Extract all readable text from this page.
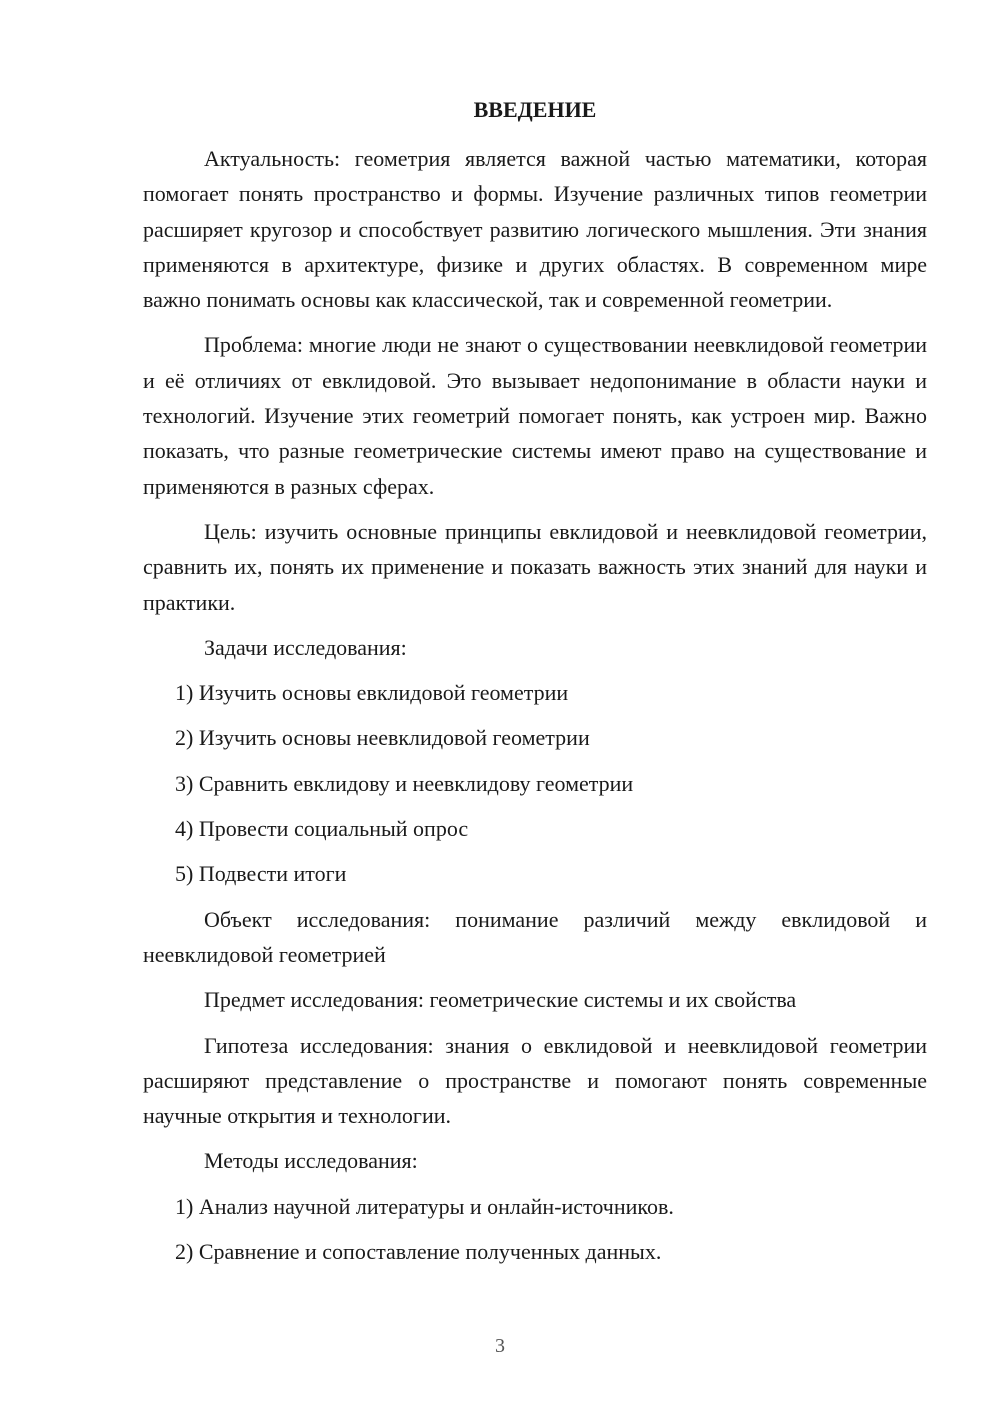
ВВЕДЕНИЕ

Актуальность: геометрия является важной частью математики, которая помогает понять пространство и формы. Изучение различных типов геометрии расширяет кругозор и способствует развитию логического мышления. Эти знания применяются в архитектуре, физике и других областях. В современном мире важно понимать основы как классической, так и современной геометрии.

Проблема: многие люди не знают о существовании неевклидовой геометрии и её отличиях от евклидовой. Это вызывает недопонимание в области науки и технологий. Изучение этих геометрий помогает понять, как устроен мир. Важно показать, что разные геометрические системы имеют право на существование и применяются в разных сферах.

Цель: изучить основные принципы евклидовой и неевклидовой геометрии, сравнить их, понять их применение и показать важность этих знаний для науки и практики.

Задачи исследования:

1) Изучить основы евклидовой геометрии
2) Изучить основы неевклидовой геометрии
3) Сравнить евклидову и неевклидову геометрии
4) Провести социальный опрос
5) Подвести итоги

Объект исследования: понимание различий между евклидовой и неевклидовой геометрией

Предмет исследования: геометрические системы и их свойства

Гипотеза исследования: знания о евклидовой и неевклидовой геометрии расширяют представление о пространстве и помогают понять современные научные открытия и технологии.

Методы исследования:

1) Анализ научной литературы и онлайн-источников.
2) Сравнение и сопоставление полученных данных.
3
